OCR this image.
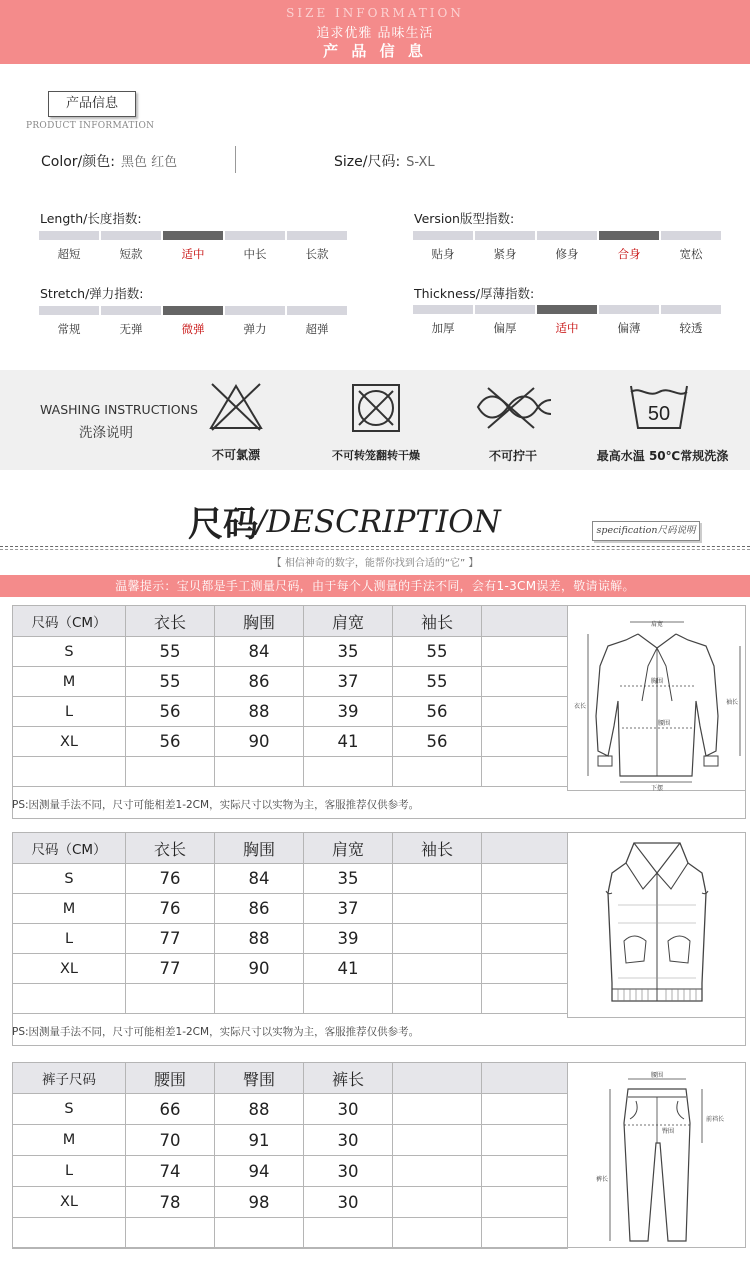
SIZE INFORMATION
追求优雅 品味生活
产 品 信 息
产品信息
PRODUCT INFORMATION
Color/颜色: 黑色 红色	Size/尺码: S-XL
Length/长度指数:
超短	短款	适中	中长	长款
Version版型指数:
贴身	紧身	修身	合身	宽松
Stretch/弹力指数:
常规	无弹	微弹	弹力	超弹
Thickness/厚薄指数:
加厚	偏厚	适中	偏薄	较透
WASHING INSTRUCTIONS
洗涤说明
不可氯漂	不可转笼翻转干燥	不可拧干
50
最高水温 50℃常规洗涤
尺码
/DESCRIPTION	specification尺码说明
【 相信神奇的数字，能帮你找到合适的“它” 】
温馨提示：宝贝都是手工测量尺码，由于每个人测量的手法不同，会有1-3CM误差，敬请谅解。
尺码（CM）	衣长	胸围	肩宽	袖长	
S	55	84	35	55	
M	55	86	37	55	
L	56	88	39	56	
XL	56	90	41	56	

肩宽
胸围
衣长
袖长
腰围
下摆
PS:因测量手法不同，尺寸可能相差1-2CM，实际尺寸以实物为主，客服推荐仅供参考。
尺码（CM）	衣长	胸围	肩宽	袖长	
S	76	84	35		
M	76	86	37		
L	77	88	39		
XL	77	90	41		

PS:因测量手法不同，尺寸可能相差1-2CM，实际尺寸以实物为主，客服推荐仅供参考。
裤子尺码	腰围	臀围	裤长		
S	66	88	30		
M	70	91	30		
L	74	94	30		
XL	78	98	30		

腰围
前裆长
臀围
裤长
